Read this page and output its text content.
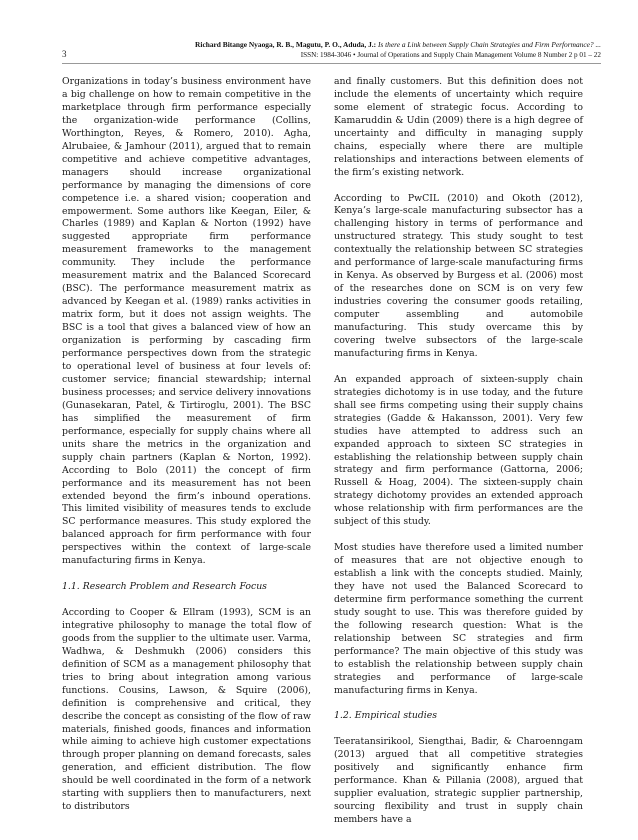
3
Richard Bitange Nyaoga, R. B., Magutu, P. O., Aduda, J.: Is there a Link between Supply Chain Strategies and Firm Performance? ...
ISSN: 1984-3046 • Journal of Operations and Supply Chain Management Volume 8 Number 2 p 01 – 22

Organizations in today’s business environment have a big challenge on how to remain competitive in the marketplace through firm performance especially the organization-wide performance (Collins, Worthington, Reyes, & Romero, 2010). Agha, Alrubaiee, & Jamhour (2011), argued that to remain competitive and achieve competitive advantages, managers should increase organizational performance by managing the dimensions of core competence i.e. a shared vision; cooperation and empowerment. Some authors like Keegan, Eiler, & Charles (1989) and Kaplan & Norton (1992) have suggested appropriate firm performance measurement frameworks to the management community. They include the performance measurement matrix and the Balanced Scorecard (BSC). The performance measurement matrix as advanced by Keegan et al. (1989) ranks activities in matrix form, but it does not assign weights. The BSC is a tool that gives a balanced view of how an organization is performing by cascading firm performance perspectives down from the strategic to operational level of business at four levels of: customer service; financial stewardship; internal business processes; and service delivery innovations (Gunasekaran, Patel, & Tirtiroglu, 2001). The BSC has simplified the measurement of firm performance, especially for supply chains where all units share the metrics in the organization and supply chain partners (Kaplan & Norton, 1992). According to Bolo (2011) the concept of firm performance and its measurement has not been extended beyond the firm’s inbound operations. This limited visibility of measures tends to exclude SC performance measures. This study explored the balanced approach for firm performance with four perspectives within the context of large-scale manufacturing firms in Kenya.

1.1. Research Problem and Research Focus

According to Cooper & Ellram (1993), SCM is an integrative philosophy to manage the total flow of goods from the supplier to the ultimate user. Varma, Wadhwa, & Deshmukh (2006) considers this definition of SCM as a management philosophy that tries to bring about integration among various functions. Cousins, Lawson, & Squire (2006), definition is comprehensive and critical, they describe the concept as consisting of the flow of raw materials, finished goods, finances and information while aiming to achieve high customer expectations through proper planning on demand forecasts, sales generation, and efficient distribution. The flow should be well coordinated in the form of a network starting with suppliers then to manufacturers, next to distributors

and finally customers. But this definition does not include the elements of uncertainty which require some element of strategic focus. According to Kamaruddin & Udin (2009) there is a high degree of uncertainty and difficulty in managing supply chains, especially where there are multiple relationships and interactions between elements of the firm’s existing network.

According to PwCIL (2010) and Okoth (2012), Kenya’s large-scale manufacturing subsector has a challenging history in terms of performance and unstructured strategy. This study sought to test contextually the relationship between SC strategies and performance of large-scale manufacturing firms in Kenya. As observed by Burgess et al. (2006) most of the researches done on SCM is on very few industries covering the consumer goods retailing, computer assembling and automobile manufacturing. This study overcame this by covering twelve subsectors of the large-scale manufacturing firms in Kenya.

An expanded approach of sixteen-supply chain strategies dichotomy is in use today, and the future shall see firms competing using their supply chains strategies (Gadde & Hakansson, 2001). Very few studies have attempted to address such an expanded approach to sixteen SC strategies in establishing the relationship between supply chain strategy and firm performance (Gattorna, 2006; Russell & Hoag, 2004). The sixteen-supply chain strategy dichotomy provides an extended approach whose relationship with firm performances are the subject of this study.

Most studies have therefore used a limited number of measures that are not objective enough to establish a link with the concepts studied. Mainly, they have not used the Balanced Scorecard to determine firm performance something the current study sought to use. This was therefore guided by the following research question: What is the relationship between SC strategies and firm performance? The main objective of this study was to establish the relationship between supply chain strategies and performance of large-scale manufacturing firms in Kenya.

1.2. Empirical studies

Teeratansirikool, Siengthai, Badir, & Charoenngam (2013) argued that all competitive strategies positively and significantly enhance firm performance. Khan & Pillania (2008), argued that supplier evaluation, strategic supplier partnership, sourcing flexibility and trust in supply chain members have a
